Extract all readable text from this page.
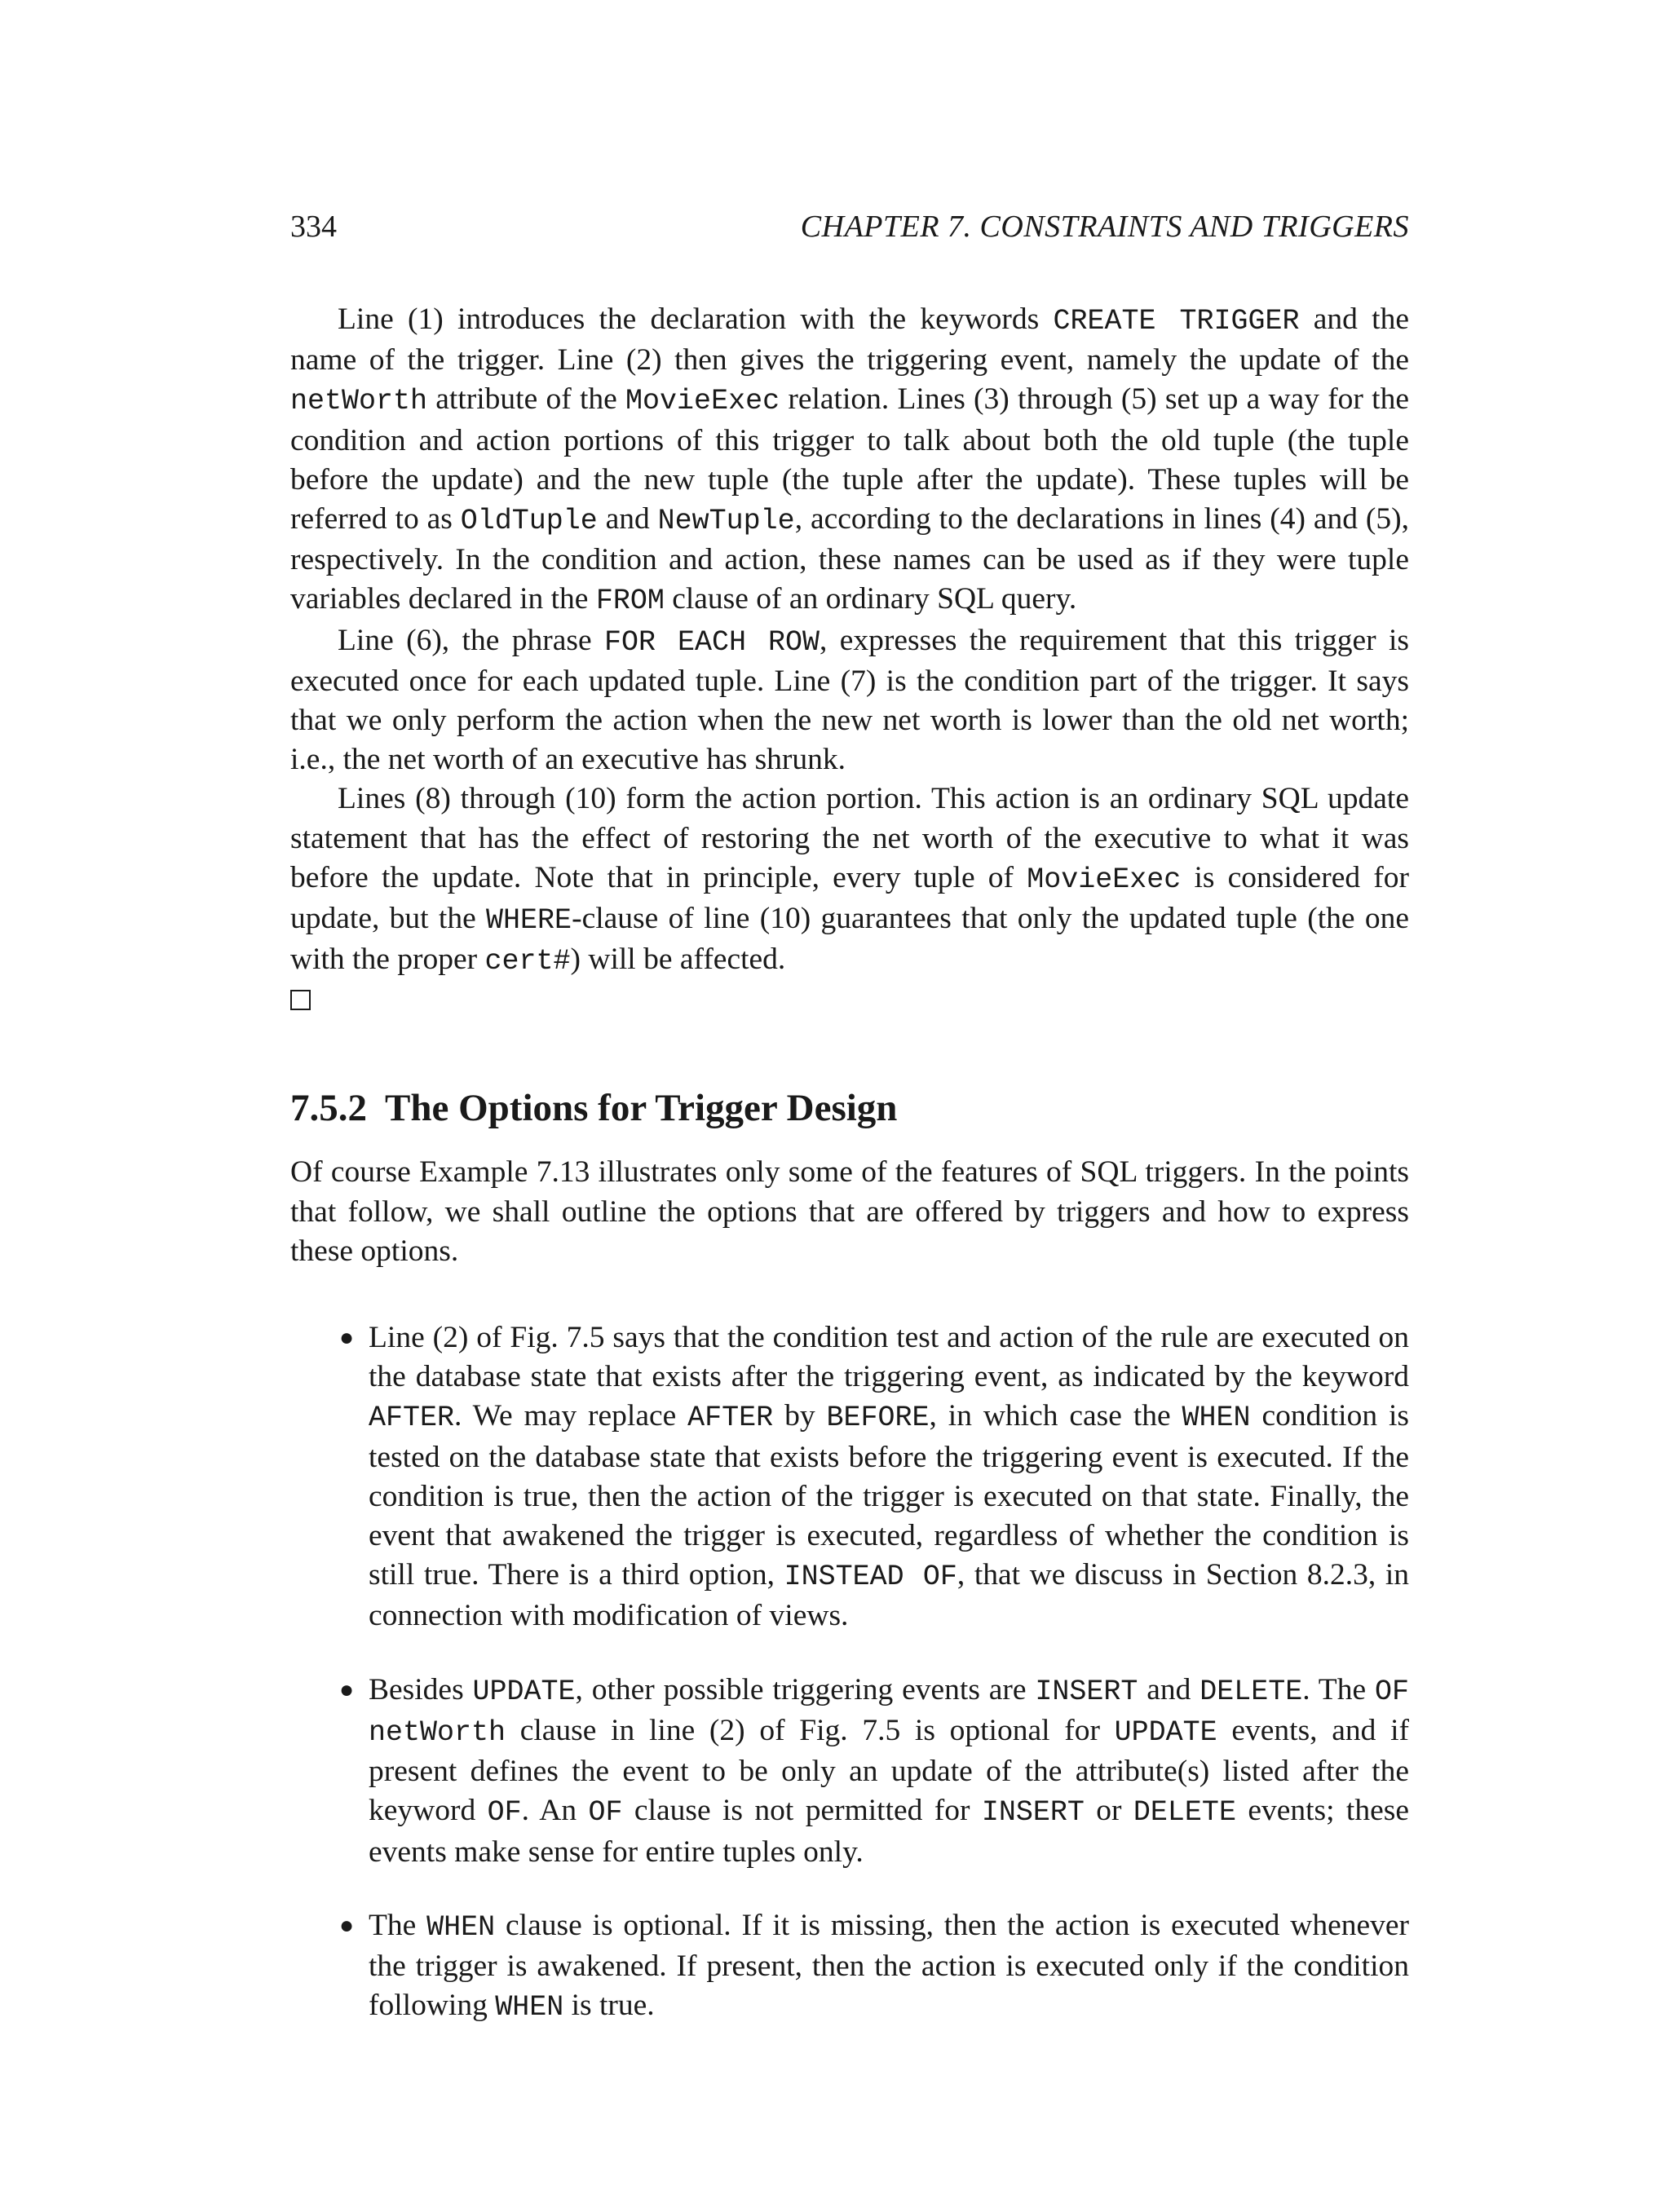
334	CHAPTER 7. CONSTRAINTS AND TRIGGERS

Line (1) introduces the declaration with the keywords CREATE TRIGGER and the name of the trigger. Line (2) then gives the triggering event, namely the update of the netWorth attribute of the MovieExec relation. Lines (3) through (5) set up a way for the condition and action portions of this trigger to talk about both the old tuple (the tuple before the update) and the new tuple (the tuple after the update). These tuples will be referred to as OldTuple and NewTuple, according to the declarations in lines (4) and (5), respectively. In the condition and action, these names can be used as if they were tuple variables declared in the FROM clause of an ordinary SQL query.

Line (6), the phrase FOR EACH ROW, expresses the requirement that this trigger is executed once for each updated tuple. Line (7) is the condition part of the trigger. It says that we only perform the action when the new net worth is lower than the old net worth; i.e., the net worth of an executive has shrunk.

Lines (8) through (10) form the action portion. This action is an ordinary SQL update statement that has the effect of restoring the net worth of the executive to what it was before the update. Note that in principle, every tuple of MovieExec is considered for update, but the WHERE-clause of line (10) guarantees that only the updated tuple (the one with the proper cert#) will be affected.

7.5.2 The Options for Trigger Design

Of course Example 7.13 illustrates only some of the features of SQL triggers. In the points that follow, we shall outline the options that are offered by triggers and how to express these options.

● Line (2) of Fig. 7.5 says that the condition test and action of the rule are executed on the database state that exists after the triggering event, as indicated by the keyword AFTER. We may replace AFTER by BEFORE, in which case the WHEN condition is tested on the database state that exists before the triggering event is executed. If the condition is true, then the action of the trigger is executed on that state. Finally, the event that awakened the trigger is executed, regardless of whether the condition is still true. There is a third option, INSTEAD OF, that we discuss in Section 8.2.3, in connection with modification of views.
● Besides UPDATE, other possible triggering events are INSERT and DELETE. The OF netWorth clause in line (2) of Fig. 7.5 is optional for UPDATE events, and if present defines the event to be only an update of the attribute(s) listed after the keyword OF. An OF clause is not permitted for INSERT or DELETE events; these events make sense for entire tuples only.
● The WHEN clause is optional. If it is missing, then the action is executed whenever the trigger is awakened. If present, then the action is executed only if the condition following WHEN is true.
